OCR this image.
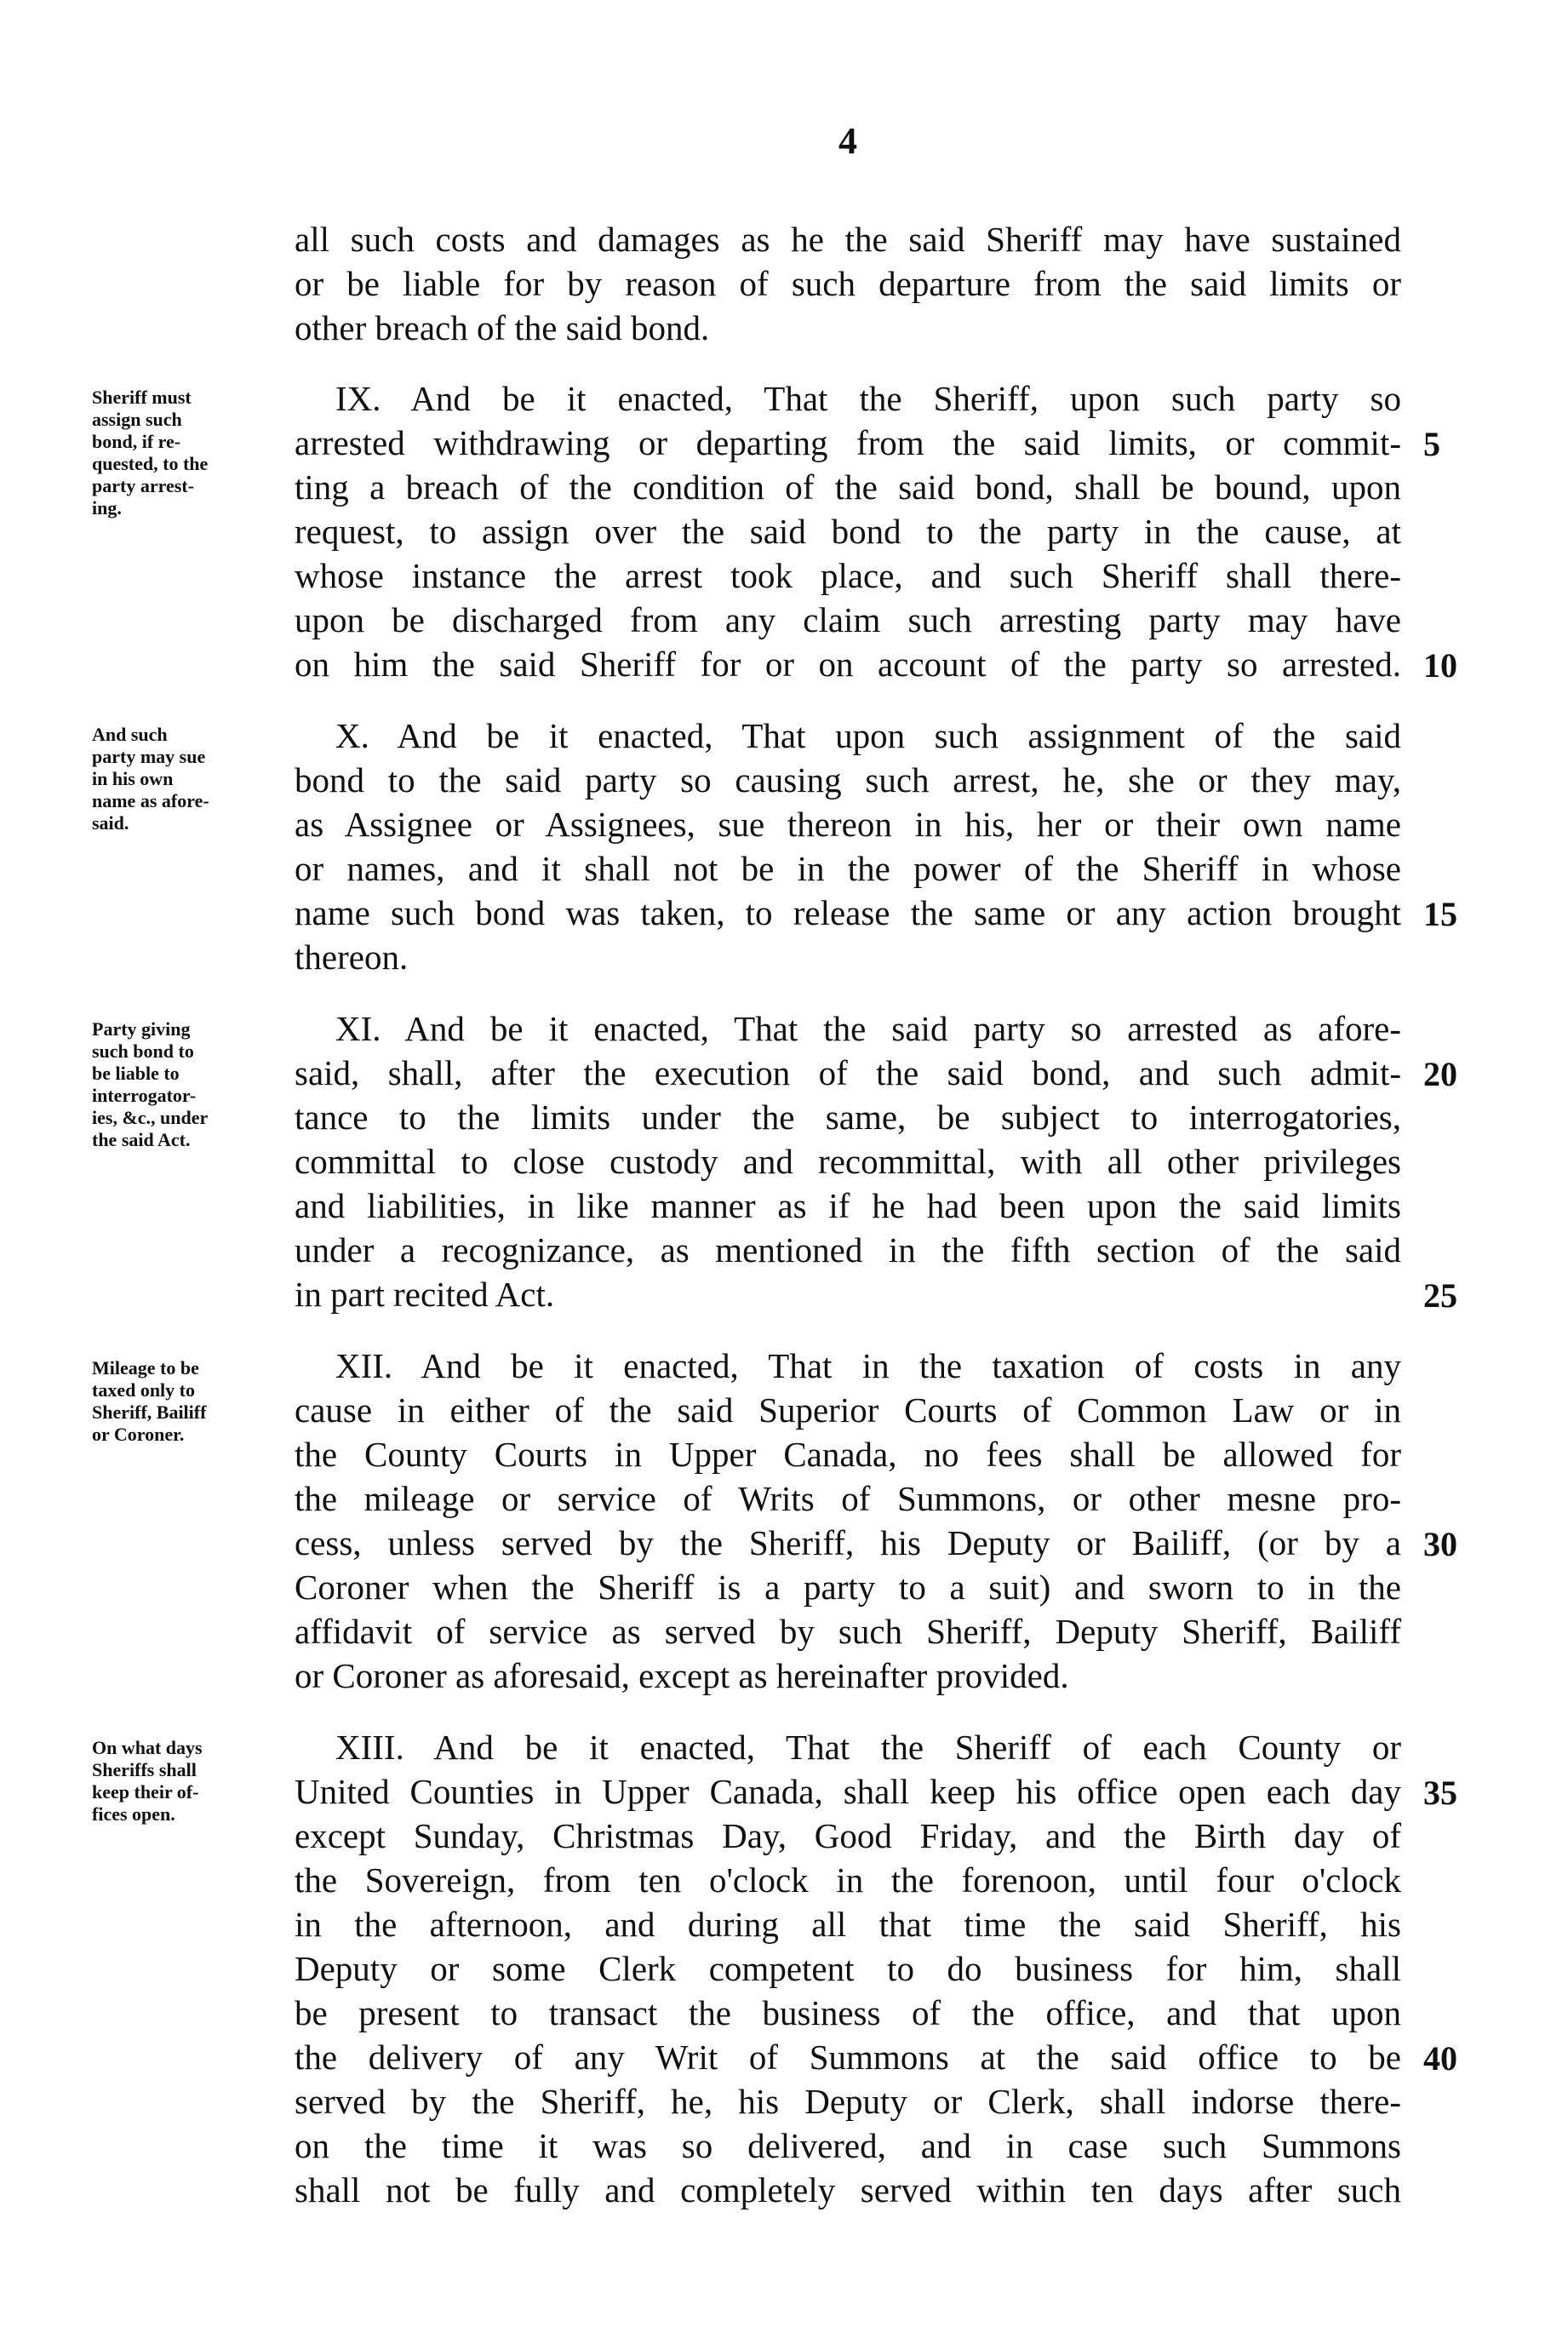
4
all such costs and damages as he the said Sheriff may have sustained
or be liable for by reason of such departure from the said limits or
other breach of the said bond.
IX. And be it enacted, That the Sheriff, upon such party so
arrested withdrawing or departing from the said limits, or commit-
ting a breach of the condition of the said bond, shall be bound, upon
request, to assign over the said bond to the party in the cause, at
whose instance the arrest took place, and such Sheriff shall there-
upon be discharged from any claim such arresting party may have
on him the said Sheriff for or on account of the party so arrested.
X. And be it enacted, That upon such assignment of the said
bond to the said party so causing such arrest, he, she or they may,
as Assignee or Assignees, sue thereon in his, her or their own name
or names, and it shall not be in the power of the Sheriff in whose
name such bond was taken, to release the same or any action brought
thereon.
XI. And be it enacted, That the said party so arrested as afore-
said, shall, after the execution of the said bond, and such admit-
tance to the limits under the same, be subject to interrogatories,
committal to close custody and recommittal, with all other privileges
and liabilities, in like manner as if he had been upon the said limits
under a recognizance, as mentioned in the fifth section of the said
in part recited Act.
XII. And be it enacted, That in the taxation of costs in any
cause in either of the said Superior Courts of Common Law or in
the County Courts in Upper Canada, no fees shall be allowed for
the mileage or service of Writs of Summons, or other mesne pro-
cess, unless served by the Sheriff, his Deputy or Bailiff, (or by a
Coroner when the Sheriff is a party to a suit) and sworn to in the
affidavit of service as served by such Sheriff, Deputy Sheriff, Bailiff
or Coroner as aforesaid, except as hereinafter provided.
XIII. And be it enacted, That the Sheriff of each County or
United Counties in Upper Canada, shall keep his office open each day
except Sunday, Christmas Day, Good Friday, and the Birth day of
the Sovereign, from ten o'clock in the forenoon, until four o'clock
in the afternoon, and during all that time the said Sheriff, his
Deputy or some Clerk competent to do business for him, shall
be present to transact the business of the office, and that upon
the delivery of any Writ of Summons at the said office to be
served by the Sheriff, he, his Deputy or Clerk, shall indorse there-
on the time it was so delivered, and in case such Summons
shall not be fully and completely served within ten days after such
Sheriff must
assign such
bond, if re-
quested, to the
party arrest-
ing.
And such
party may sue
in his own
name as afore-
said.
Party giving
such bond to
be liable to
interrogator-
ies, &c., under
the said Act.
Mileage to be
taxed only to
Sheriff, Bailiff
or Coroner.
On what days
Sheriffs shall
keep their of-
fices open.
5
10
15
20
25
30
35
40
